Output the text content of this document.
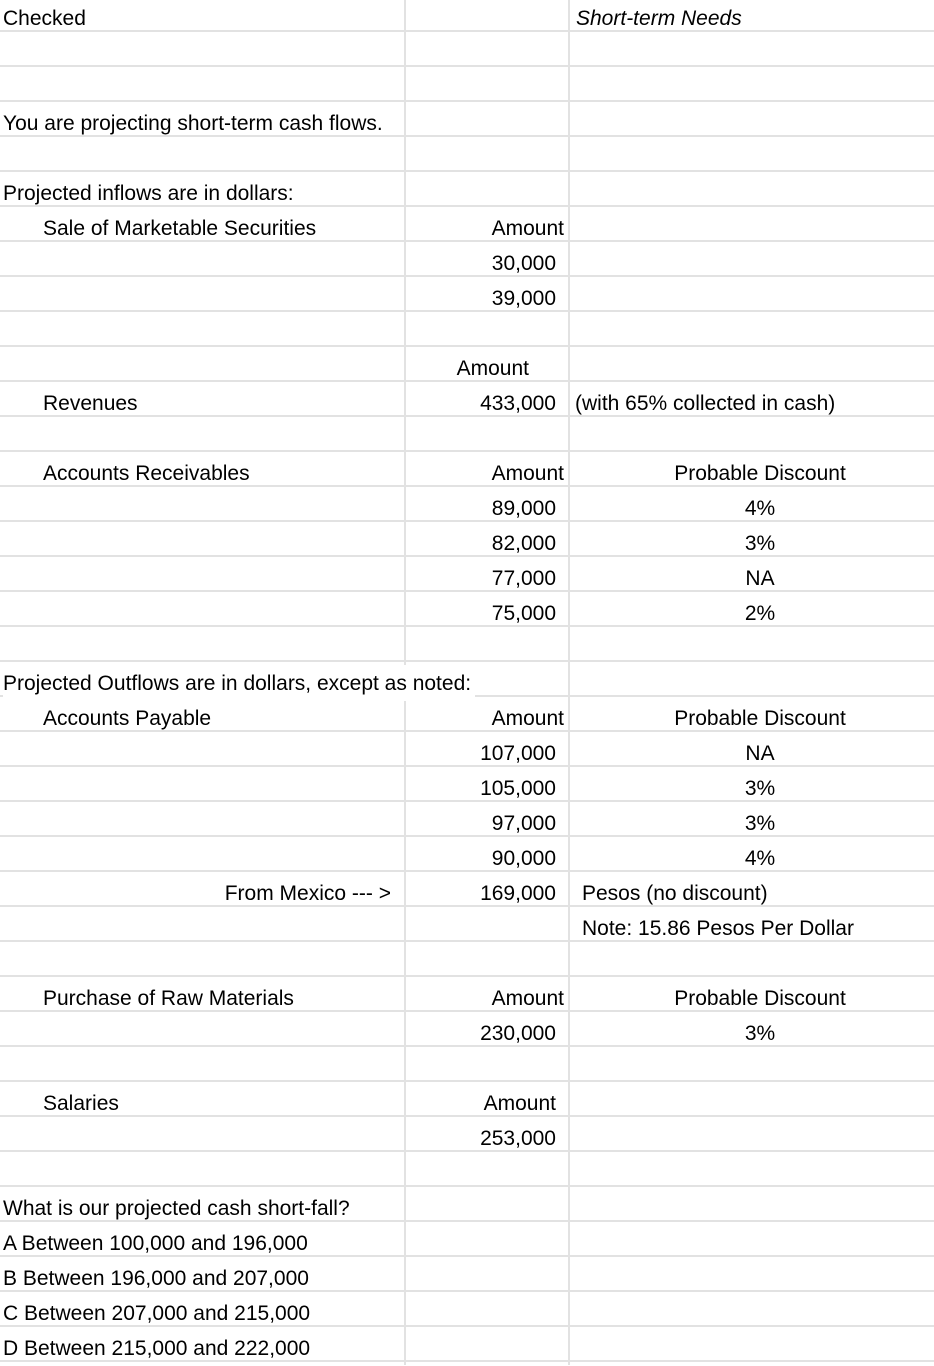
Checked	Short-term Needs
You are projecting short-term cash flows.
Projected inflows are in dollars:
Sale of Marketable Securities	Amount
30,000
39,000
Amount
Revenues	433,000 (with 65% collected in cash)
Accounts Receivables	Amount	Probable Discount
89,000	4%
82,000	3%
77,000	NA
75,000	2%
Projected Outflows are in dollars, except as noted:
Accounts Payable	Amount	Probable Discount
107,000	NA
105,000	3%
97,000	3%
90,000	4%
From Mexico --- >	169,000 Pesos (no discount)
Note: 15.86 Pesos Per Dollar
Purchase of Raw Materials	Amount	Probable Discount
230,000	3%
Salaries	Amount
253,000
What is our projected cash short-fall?
A Between 100,000 and 196,000
B Between 196,000 and 207,000
C Between 207,000 and 215,000
D Between 215,000 and 222,000
